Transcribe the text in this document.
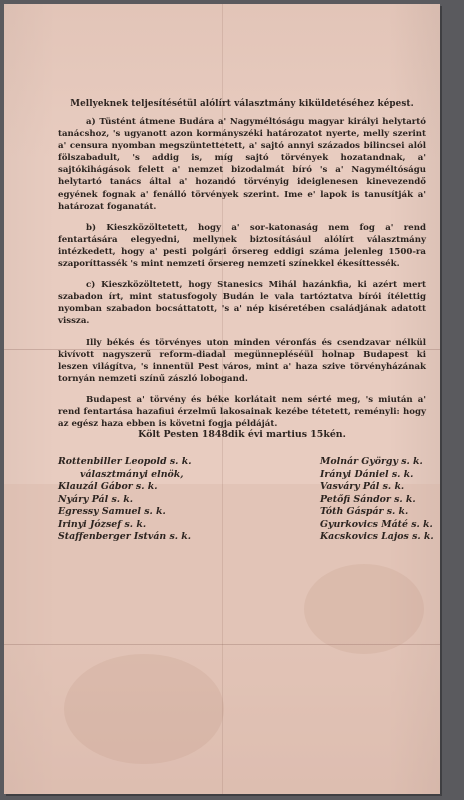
Mellyeknek teljesítésétül alólírt választmány kiküldetéséhez képest.

a) Tüstént átmene Budára a' Nagyméltóságu magyar királyi helytartó tanácshoz, 's ugyanott azon kormányszéki határozatot nyerte, melly szerint a' censura nyomban megszüntettetett, a' sajtó annyi százados bilincsei alól fölszabadult, 's addig is, míg sajtó törvények hozatandnak, a' sajtókihágások felett a' nemzet bizodalmát bíró 's a' Nagyméltóságu helytartó tanács által a' hozandó törvényig ideiglenesen kinevezendő egyének fognak a' fenálló törvények szerint. Ime e' lapok is tanusítják a' határozat foganatát.

b) Kieszközöltetett, hogy a' sor-katonaság nem fog a' rend fentartására elegyedni, mellynek biztosításául alólírt választmány intézkedett, hogy a' pesti polgári őrsereg eddigi száma jelenleg 1500-ra szaporíttassék 's mint nemzeti őrsereg nemzeti színekkel ékesíttessék.

c) Kieszközöltetett, hogy Stanesics Mihál hazánkfia, ki azért mert szabadon írt, mint statusfogoly Budán le vala tartóztatva bírói ítélettig nyomban szabadon bocsáttatott, 's a' nép kiséretében családjának adatott vissza.

Illy békés és törvényes uton minden véronfás és csendzavar nélkül kivívott nagyszerű reform-diadal megünnepléséül holnap Budapest ki leszen világítva, 's innentül Pest város, mint a' haza szive törvényházának tornyán nemzeti színű zászló lobogand.

Budapest a' törvény és béke korlátait nem sérté meg, 's miután a' rend fentartása hazafiui érzelmű lakosainak kezébe tétetett, reményli: hogy az egész haza ebben is követni fogja példáját.

Költ Pesten 1848dik évi martius 15kén.
Rottenbiller Leopold s. k.
választmányi elnök,
Klauzál Gábor s. k.
Nyáry Pál s. k.
Egressy Samuel s. k.
Irinyi József s. k.
Staffenberger István s. k.
Molnár György s. k.
Irányi Dániel s. k.
Vasváry Pál s. k.
Petőfi Sándor s. k.
Tóth Gáspár s. k.
Gyurkovics Máté s. k.
Kacskovics Lajos s. k.
